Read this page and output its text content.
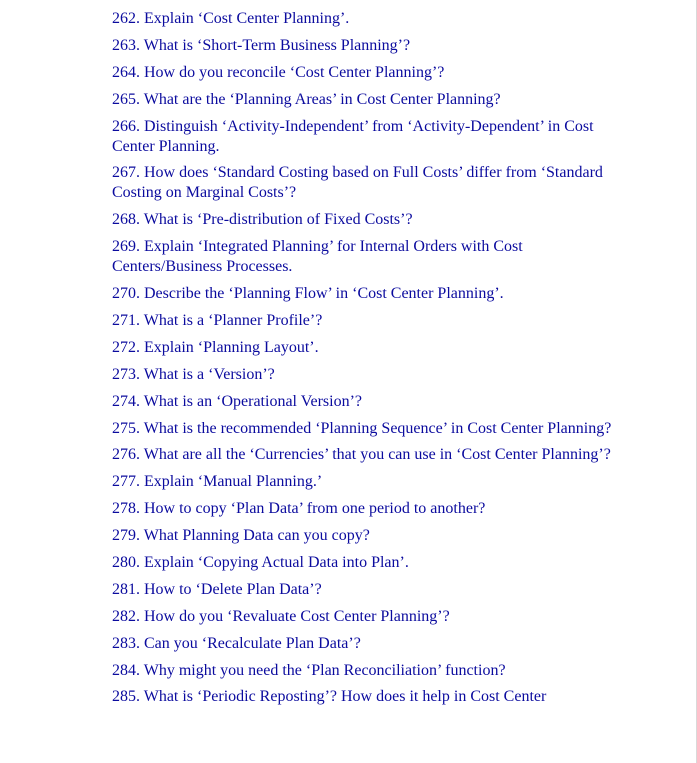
262. Explain ‘Cost Center Planning’.
263. What is ‘Short-Term Business Planning’?
264. How do you reconcile ‘Cost Center Planning’?
265. What are the ‘Planning Areas’ in Cost Center Planning?
266. Distinguish ‘Activity-Independent’ from ‘Activity-Dependent’ in Cost Center Planning.
267. How does ‘Standard Costing based on Full Costs’ differ from ‘Standard Costing on Marginal Costs’?
268. What is ‘Pre-distribution of Fixed Costs’?
269. Explain ‘Integrated Planning’ for Internal Orders with Cost Centers/Business Processes.
270. Describe the ‘Planning Flow’ in ‘Cost Center Planning’.
271. What is a ‘Planner Profile’?
272. Explain ‘Planning Layout’.
273. What is a ‘Version’?
274. What is an ‘Operational Version’?
275. What is the recommended ‘Planning Sequence’ in Cost Center Planning?
276. What are all the ‘Currencies’ that you can use in ‘Cost Center Planning’?
277. Explain ‘Manual Planning.’
278. How to copy ‘Plan Data’ from one period to another?
279. What Planning Data can you copy?
280. Explain ‘Copying Actual Data into Plan’.
281. How to ‘Delete Plan Data’?
282. How do you ‘Revaluate Cost Center Planning’?
283. Can you ‘Recalculate Plan Data’?
284. Why might you need the ‘Plan Reconciliation’ function?
285. What is ‘Periodic Reposting’? How does it help in Cost Center
